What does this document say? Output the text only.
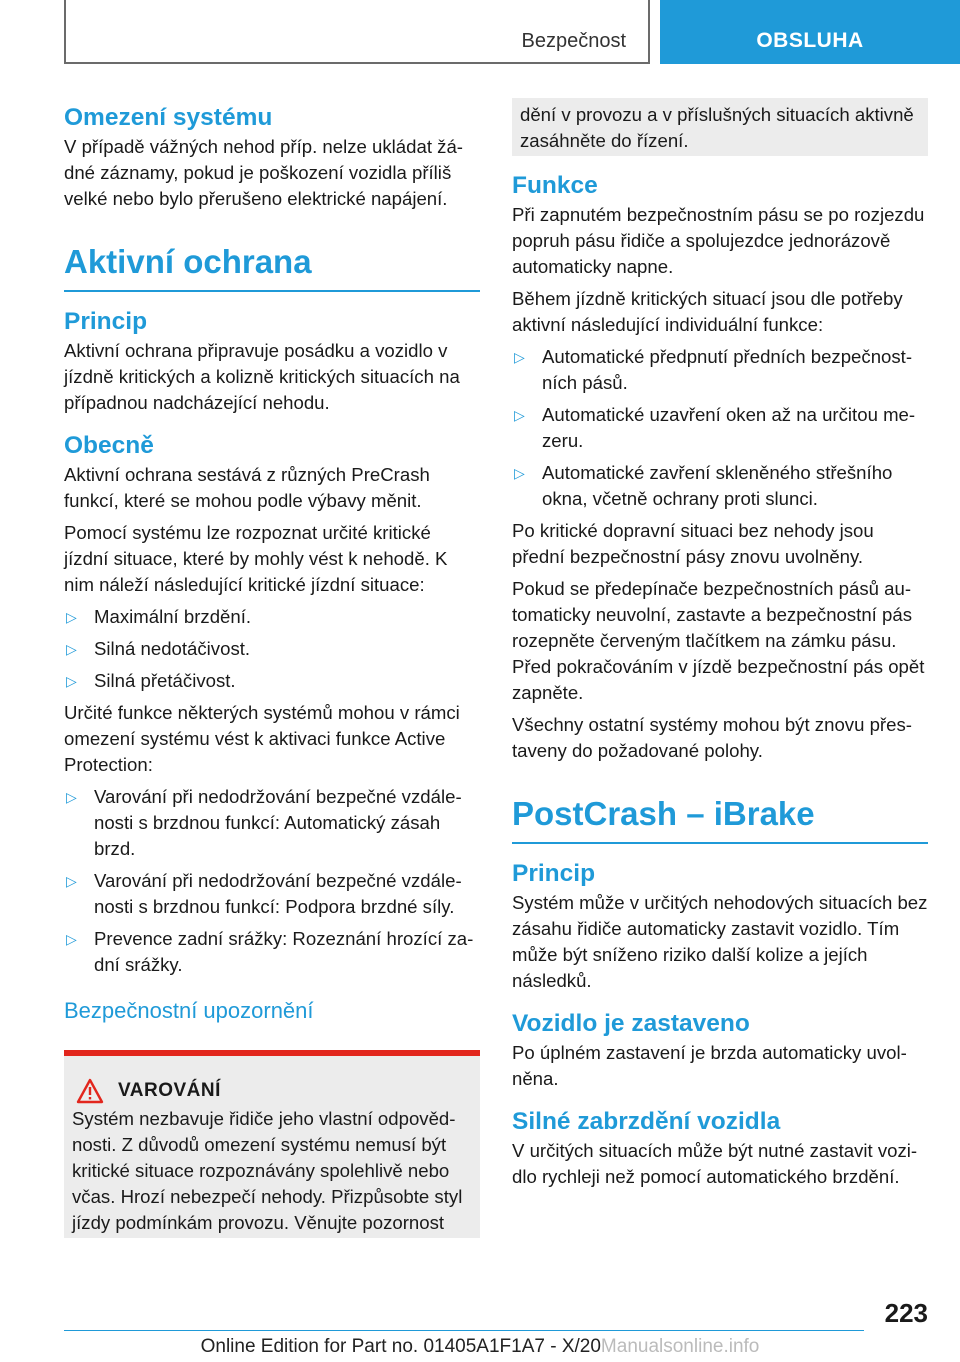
Bezpečnost	OBSLUHA
Omezení systému

V případě vážných nehod příp. nelze ukládat žádné záznamy, pokud je poškození vozidla příliš velké nebo bylo přerušeno elektrické napájení.

Aktivní ochrana
Princip

Aktivní ochrana připravuje posádku a vozidlo v jízdně kritických a kolizně kritických situacích na případnou nadcházející nehodu.

Obecně

Aktivní ochrana sestává z různých PreCrash funkcí, které se mohou podle výbavy měnit.

Pomocí systému lze rozpoznat určité kritické jízdní situace, které by mohly vést k nehodě. K nim náleží následující kritické jízdní situace:

▷ Maximální brzdění.
▷ Silná nedotáčivost.
▷ Silná přetáčivost.

Určité funkce některých systémů mohou v rámci omezení systému vést k aktivaci funkce Active Protection:

▷ Varování při nedodržování bezpečné vzdálenosti s brzdnou funkcí: Automatický zásah brzd.
▷ Varování při nedodržování bezpečné vzdálenosti s brzdnou funkcí: Podpora brzdné síly.
▷ Prevence zadní srážky: Rozeznání hrozící zadní srážky.
Bezpečnostní upozornění
VAROVÁNÍ

Systém nezbavuje řidiče jeho vlastní odpovědnosti. Z důvodů omezení systému nemusí být kritické situace rozpoznávány spolehlivě nebo včas. Hrozí nebezpečí nehody. Přizpůsobte styl jízdy podmínkám provozu. Věnujte pozornost

dění v provozu a v příslušných situacích aktivně zasáhněte do řízení.

Funkce

Při zapnutém bezpečnostním pásu se po rozjezdu popruh pásu řidiče a spolujezdce jednorázově automaticky napne.

Během jízdně kritických situací jsou dle potřeby aktivní následující individuální funkce:

▷ Automatické předpnutí předních bezpečnostních pásů.
▷ Automatické uzavření oken až na určitou mezeru.
▷ Automatické zavření skleněného střešního okna, včetně ochrany proti slunci.

Po kritické dopravní situaci bez nehody jsou přední bezpečnostní pásy znovu uvolněny.

Pokud se předepínače bezpečnostních pásů automaticky neuvolní, zastavte a bezpečnostní pás rozepněte červeným tlačítkem na zámku pásu. Před pokračováním v jízdě bezpečnostní pás opět zapněte.

Všechny ostatní systémy mohou být znovu přestaveny do požadované polohy.

PostCrash – iBrake
Princip

Systém může v určitých nehodových situacích bez zásahu řidiče automaticky zastavit vozidlo. Tím může být sníženo riziko další kolize a jejích následků.

Vozidlo je zastaveno

Po úplném zastavení je brzda automaticky uvolněna.

Silné zabrzdění vozidla

V určitých situacích může být nutné zastavit vozidlo rychleji než pomocí automatického brzdění.

223
Online Edition for Part no. 01405A1F1A7 - X/20Manualsonline.info
